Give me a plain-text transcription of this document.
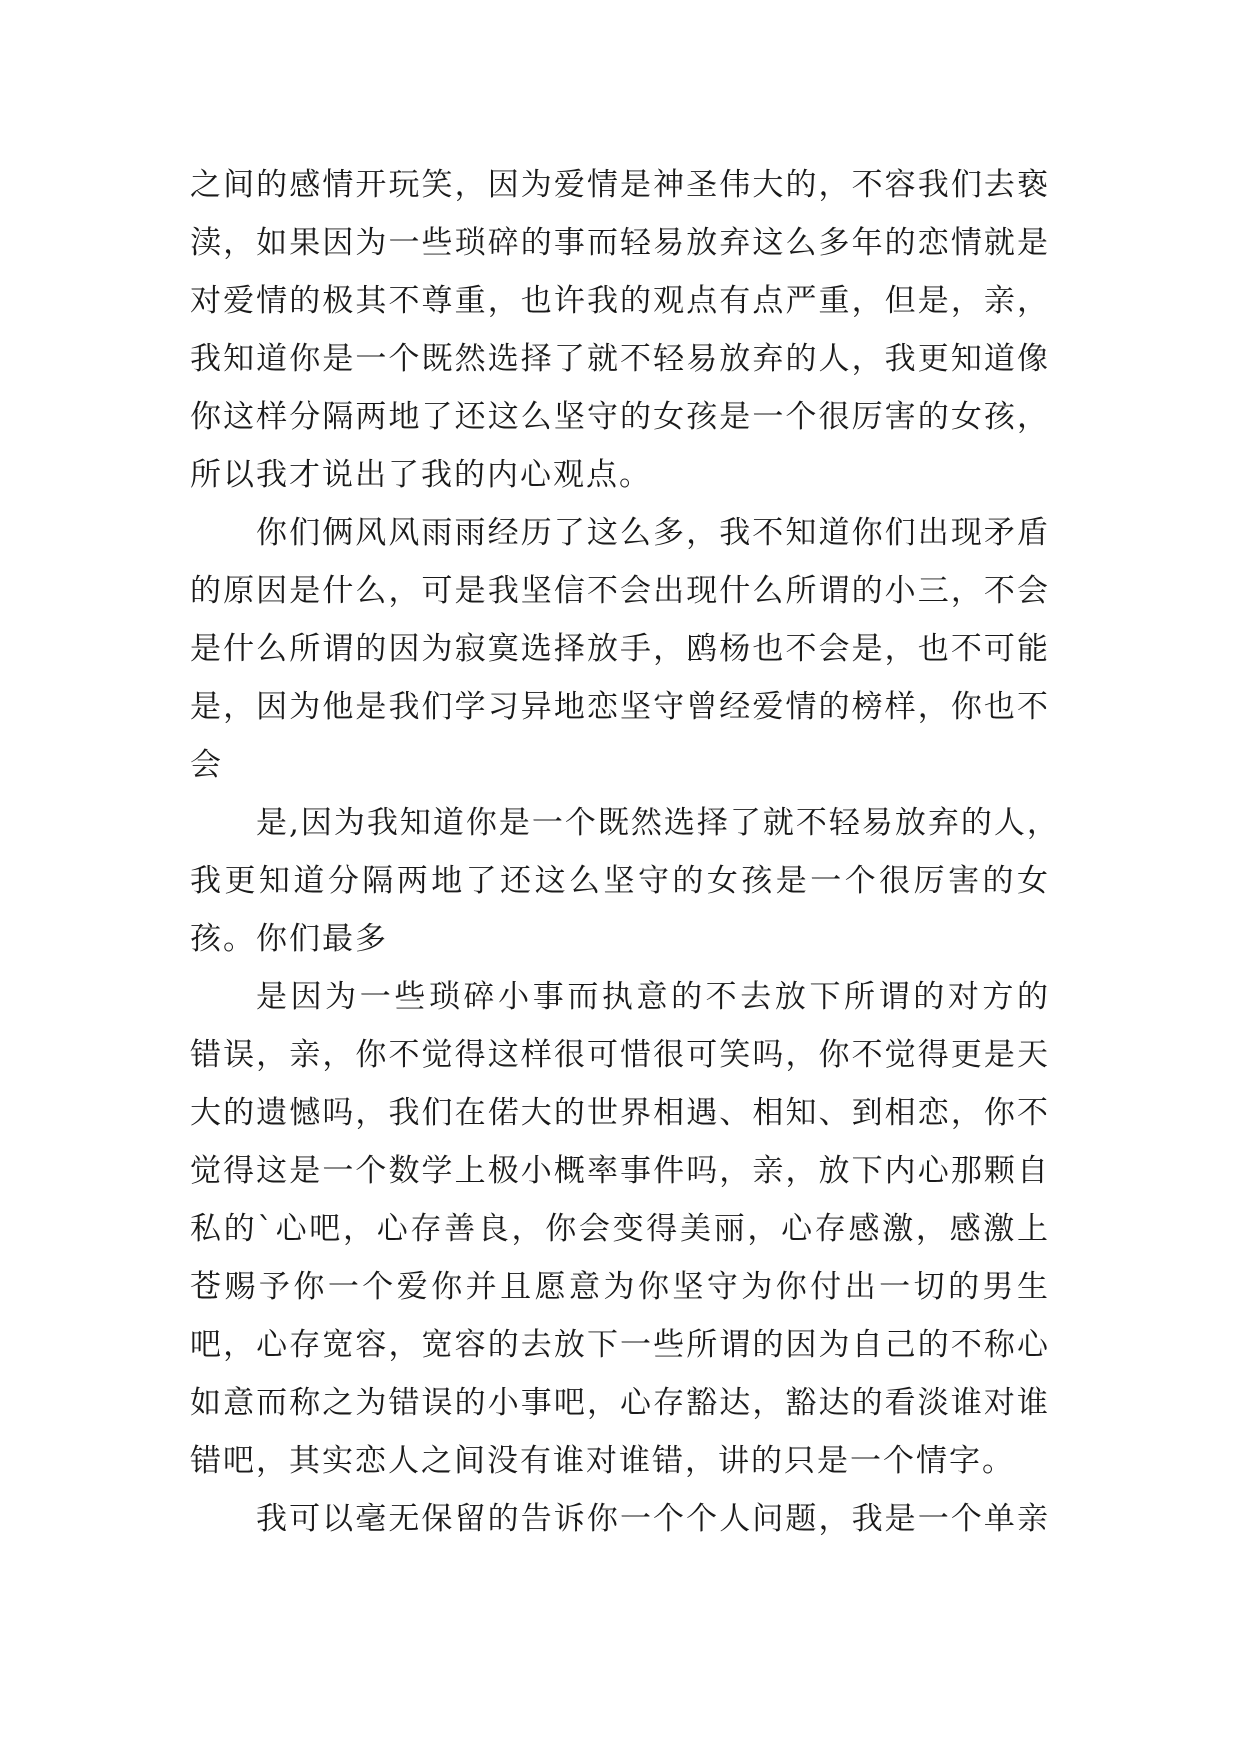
之间的感情开玩笑，因为爱情是神圣伟大的，不容我们去亵
渎，如果因为一些琐碎的事而轻易放弃这么多年的恋情就是
对爱情的极其不尊重，也许我的观点有点严重，但是，亲，
我知道你是一个既然选择了就不轻易放弃的人，我更知道像
你这样分隔两地了还这么坚守的女孩是一个很厉害的女孩，
所以我才说出了我的内心观点。
你们俩风风雨雨经历了这么多，我不知道你们出现矛盾
的原因是什么，可是我坚信不会出现什么所谓的小三，不会
是什么所谓的因为寂寞选择放手，鸥杨也不会是，也不可能
是，因为他是我们学习异地恋坚守曾经爱情的榜样，你也不
会
是,因为我知道你是一个既然选择了就不轻易放弃的人，
我更知道分隔两地了还这么坚守的女孩是一个很厉害的女
孩。你们最多
是因为一些琐碎小事而执意的不去放下所谓的对方的
错误，亲，你不觉得这样很可惜很可笑吗，你不觉得更是天
大的遗憾吗，我们在偌大的世界相遇、相知、到相恋，你不
觉得这是一个数学上极小概率事件吗，亲，放下内心那颗自
私的`心吧，心存善良，你会变得美丽，心存感激，感激上
苍赐予你一个爱你并且愿意为你坚守为你付出一切的男生
吧，心存宽容，宽容的去放下一些所谓的因为自己的不称心
如意而称之为错误的小事吧，心存豁达，豁达的看淡谁对谁
错吧，其实恋人之间没有谁对谁错，讲的只是一个情字。
我可以毫无保留的告诉你一个个人问题，我是一个单亲
